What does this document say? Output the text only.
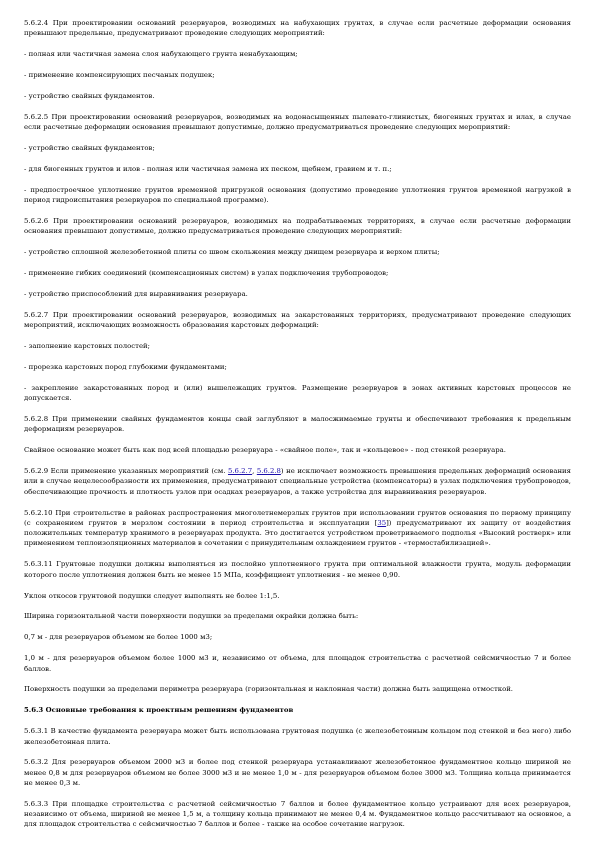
5.6.2.4 При проектировании оснований резервуаров, возводимых на набухающих грунтах, в случае если расчетные деформации основания превышают предельные, предусматривают проведение следующих мероприятий:

- полная или частичная замена слоя набухающего грунта ненабухающим;

- применение компенсирующих песчаных подушек;

- устройство свайных фундаментов.

5.6.2.5 При проектировании оснований резервуаров, возводимых на водонасыщенных пылевато-глинистых, биогенных грунтах и илах, в случае если расчетные деформации основания превышают допустимые, должно предусматриваться проведение следующих мероприятий:

- устройство свайных фундаментов;

- для биогенных грунтов и илов - полная или частичная замена их песком, щебнем, гравием и т. п.;

- предпостроечное уплотнение грунтов временной пригрузкой основания (допустимо проведение уплотнения грунтов временной нагрузкой в период гидроиспытания резервуаров по специальной программе).

5.6.2.6 При проектировании оснований резервуаров, возводимых на подрабатываемых территориях, в случае если расчетные деформации основания превышают допустимые, должно предусматриваться проведение следующих мероприятий:

- устройство сплошной железобетонной плиты со швом скольжения между днищем резервуара и верхом плиты;

- применение гибких соединений (компенсационных систем) в узлах подключения трубопроводов;

- устройство приспособлений для выравнивания резервуара.

5.6.2.7 При проектировании оснований резервуаров, возводимых на закарстованных территориях, предусматривают проведение следующих мероприятий, исключающих возможность образования карстовых деформаций:

- заполнение карстовых полостей;

- прорезка карстовых пород глубокими фундаментами;

- закрепление закарстованных пород и (или) вышележащих грунтов. Размещение резервуаров в зонах активных карстовых процессов не допускается.

5.6.2.8 При применении свайных фундаментов концы свай заглубляют в малосжимаемые грунты и обеспечивают требования к предельным деформациям резервуаров.

Свайное основание может быть как под всей площадью резервуара - «свайное поле», так и «кольцевое» - под стенкой резервуара.

5.6.2.9 Если применение указанных мероприятий (см. 5.6.2.7, 5.6.2.8) не исключает возможность превышения предельных деформаций основания или в случае нецелесообразности их применения, предусматривают специальные устройства (компенсаторы) в узлах подключения трубопроводов, обеспечивающие прочность и плотность узлов при осадках резервуаров, а также устройства для выравнивания резервуаров.

5.6.2.10 При строительстве в районах распространения многолетнемерзлых грунтов при использовании грунтов основания по первому принципу (с сохранением грунтов в мерзлом состоянии в период строительства и эксплуатации [35]) предусматривают их защиту от воздействия положительных температур хранимого в резервуарах продукта. Это достигается устройством проветриваемого подполья «Высокий ростверк» или применением теплоизоляционных материалов в сочетании с принудительным охлаждением грунтов - «термостабилизацией».

5.6.3.11 Грунтовые подушки должны выполняться из послойно уплотненного грунта при оптимальной влажности грунта, модуль деформации которого после уплотнения должен быть не менее 15 МПа, коэффициент уплотнения - не менее 0,90.

Уклон откосов грунтовой подушки следует выполнять не более 1:1,5.

Ширина горизонтальной части поверхности подушки за пределами окрайки должна быть:

0,7 м - для резервуаров объемом не более 1000 м3;

1,0 м - для резервуаров объемом более 1000 м3 и, независимо от объема, для площадок строительства с расчетной сейсмичностью 7 и более баллов.

Поверхность подушки за пределами периметра резервуара (горизонтальная и наклонная части) должна быть защищена отмосткой.

5.6.3 Основные требования к проектным решениям фундаментов

5.6.3.1 В качестве фундамента резервуара может быть использована грунтовая подушка (с железобетонным кольцом под стенкой и без него) либо железобетонная плита.

5.6.3.2 Для резервуаров объемом 2000 м3 и более под стенкой резервуара устанавливают железобетонное фундаментное кольцо шириной не менее 0,8 м для резервуаров объемом не более 3000 м3 и не менее 1,0 м - для резервуаров объемом более 3000 м3. Толщина кольца принимается не менее 0,3 м.

5.6.3.3 При площадке строительства с расчетной сейсмичностью 7 баллов и более фундаментное кольцо устраивают для всех резервуаров, независимо от объема, шириной не менее 1,5 м, а толщину кольца принимают не менее 0,4 м. Фундаментное кольцо рассчитывают на основное, а для площадок строительства с сейсмичностью 7 баллов и более - также на особое сочетание нагрузок.
